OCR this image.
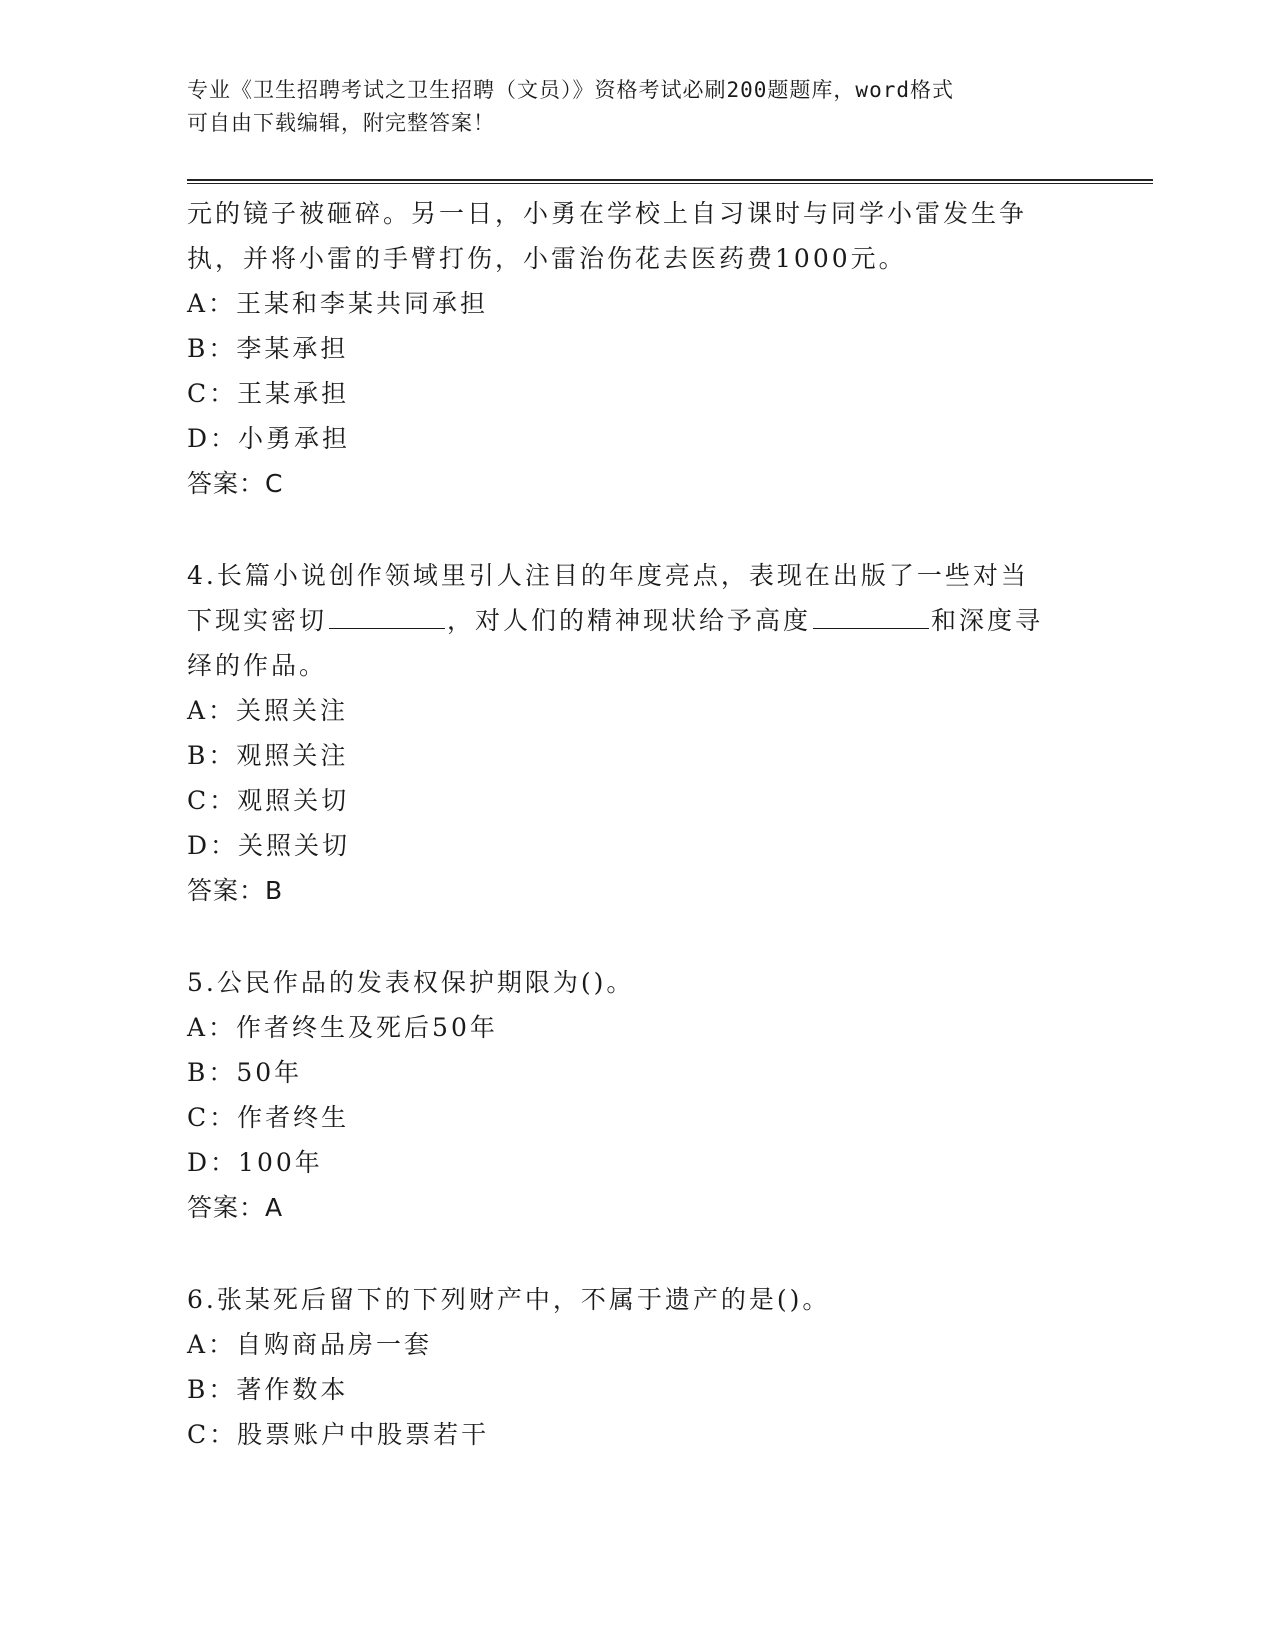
专业《卫生招聘考试之卫生招聘（文员）》资格考试必刷200题题库，word格式
可自由下载编辑，附完整答案！
元的镜子被砸碎。另一日，小勇在学校上自习课时与同学小雷发生争
执，并将小雷的手臂打伤，小雷治伤花去医药费1000元。
A：王某和李某共同承担
B：李某承担
C：王某承担
D：小勇承担
答案：C
4.长篇小说创作领域里引人注目的年度亮点，表现在出版了一些对当
下现实密切	，对人们的精神现状给予高度	和深度寻
绎的作品。
A：关照关注
B：观照关注
C：观照关切
D：关照关切
答案：B
5.公民作品的发表权保护期限为()。
A：作者终生及死后50年
B：50年
C：作者终生
D：100年
答案：A
6.张某死后留下的下列财产中，不属于遗产的是()。
A：自购商品房一套
B：著作数本
C：股票账户中股票若干
